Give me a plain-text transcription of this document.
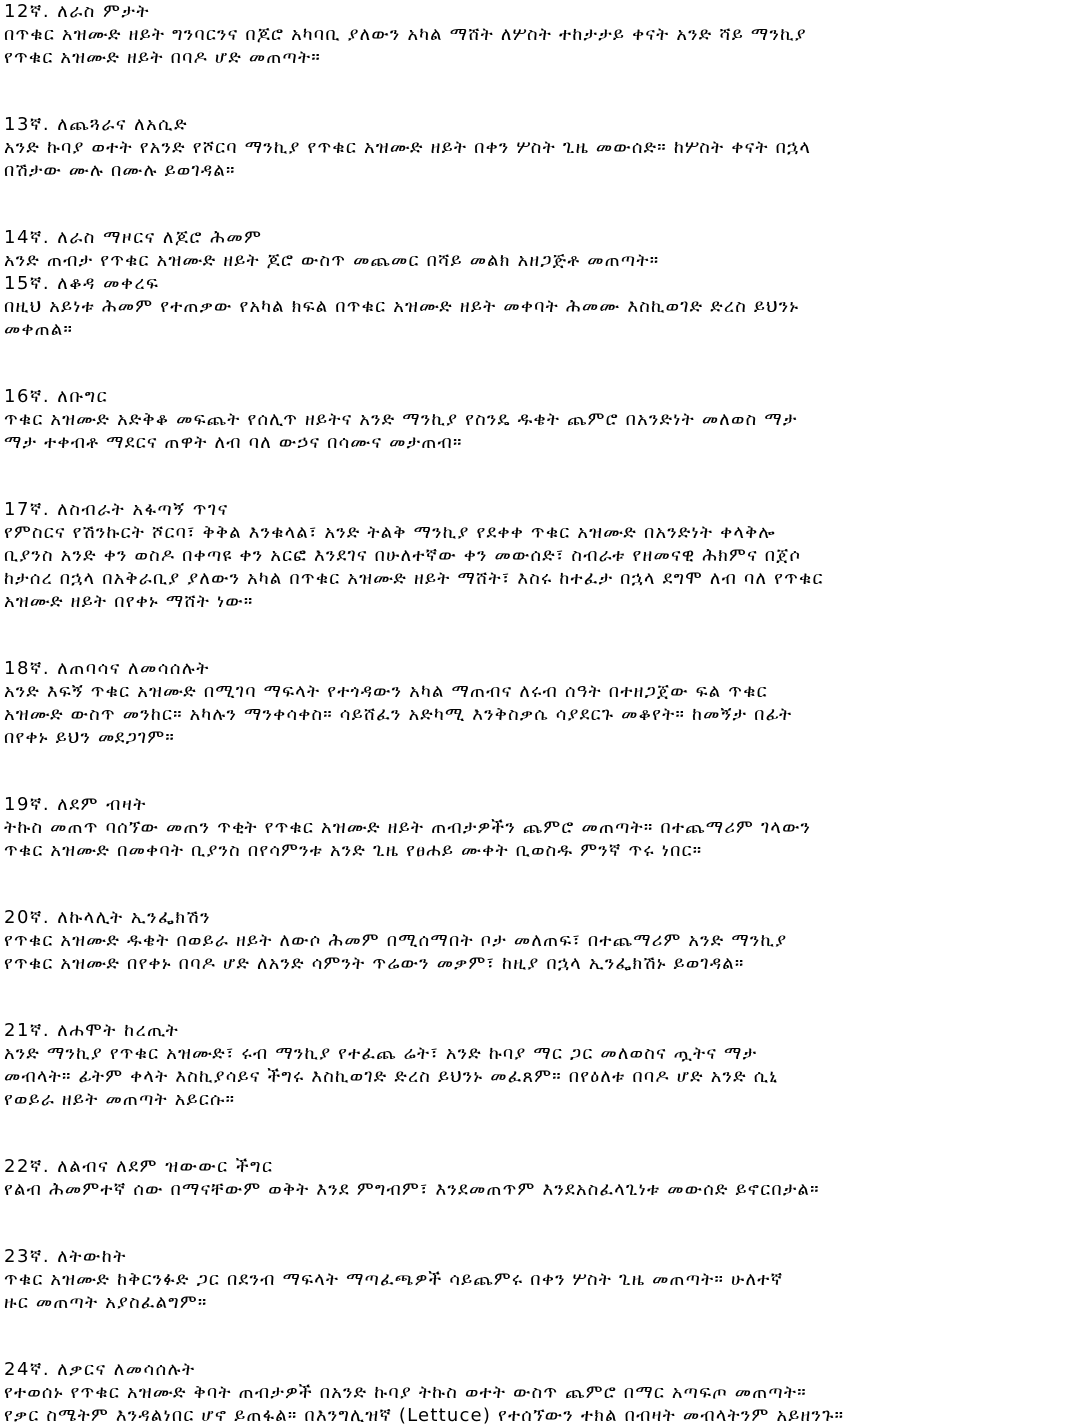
12ኛ. ለራስ ምታት
በጥቁር አዝሙድ ዘይት ግንባርንና በጆሮ አካባቢ ያለውን አካል ማሸት ለሦስት ተከታታይ ቀናት አንድ ሻይ ማንኪያ
የጥቁር አዝሙድ ዘይት በባዶ ሆድ መጠጣት።
13ኛ. ለጨጓራና ለአሲድ
አንድ ኩባያ ወተት የአንድ የሾርባ ማንኪያ የጥቁር አዝሙድ ዘይት በቀን ሦስት ጊዜ መውሰድ። ከሦስት ቀናት በኋላ
በሽታው ሙሉ በሙሉ ይወገዳል።
14ኛ. ለራስ ማዞርና ለጆሮ ሕመም
አንድ ጠብታ የጥቁር አዝሙድ ዘይት ጆሮ ውስጥ መጨመር በሻይ መልክ አዘጋጅቶ መጠጣት።
15ኛ. ለቆዳ መቀረፍ
በዚህ አይነቱ ሕመም የተጠቃው የአካል ክፍል በጥቁር አዝሙድ ዘይት መቀባት ሕመሙ እስኪወገድ ድረስ ይህንኑ
መቀጠል።
16ኛ. ለቡግር
ጥቁር አዝሙድ አድቅቆ መፍጨት የሰሊጥ ዘይትና አንድ ማንኪያ የስንዴ ዱቄት ጨምሮ በአንድነት መለወስ ማታ
ማታ ተቀብቶ ማደርና ጠዋት ለብ ባለ ውኃና በሳሙና መታጠብ።
17ኛ. ለስብራት አፋጣኝ ጥገና
የምስርና የሽንኩርት ሾርባ፣ ቅቅል እንቁላል፣ አንድ ትልቅ ማንኪያ የደቀቀ ጥቁር አዝሙድ በአንድነት ቀላቅሎ
ቢያንስ አንድ ቀን ወስዶ በቀጣዩ ቀን አርፎ እንደገና በሁለተኛው ቀን መውሰድ፣ ስብራቱ የዘመናዊ ሕክምና በጀሶ
ከታሰረ በኋላ በአቅራቢያ ያለውን አካል በጥቁር አዝሙድ ዘይት ማሸት፣ እስሩ ከተፈታ በኋላ ደግሞ ለብ ባለ የጥቁር
አዝሙድ ዘይት በየቀኑ ማሸት ነው።
18ኛ. ለጠባሳና ለመሳሰሉት
አንድ እፍኝ ጥቁር አዝሙድ በሚገባ ማፍላት የተጎዳውን አካል ማጠብና ለሩብ ሰዓት በተዘጋጀው ፍል ጥቁር
አዝሙድ ውስጥ መንከር። አካሉን ማንቀሳቀስ። ሳይሸፈን አድካሚ እንቅስቃሴ ሳያደርጉ መቆየት። ከመኝታ በፊት
በየቀኑ ይህን መደጋገም።
19ኛ. ለደም ብዛት
ትኩስ መጠጥ ባሰኘው መጠን ጥቂት የጥቁር አዝሙድ ዘይት ጠብታዎችን ጨምሮ መጠጣት። በተጨማሪም ገላውን
ጥቁር አዝሙድ በመቀባት ቢያንስ በየሳምንቱ አንድ ጊዜ የፀሐይ ሙቀት ቢወስዱ ምንኛ ጥሩ ነበር።
20ኛ. ለኩላሊት ኢንፌክሽን
የጥቁር አዝሙድ ዱቄት በወይራ ዘይት ለውሶ ሕመም በሚሰማበት ቦታ መለጠፍ፣ በተጨማሪም አንድ ማንኪያ
የጥቁር አዝሙድ በየቀኑ በባዶ ሆድ ለአንድ ሳምንት ጥሬውን መቃም፣ ከዚያ በኋላ ኢንፌክሽኑ ይወገዳል።
21ኛ. ለሐሞት ከረጢት
አንድ ማንኪያ የጥቁር አዝሙድ፣ ሩብ ማንኪያ የተፈጨ ሬት፣ አንድ ኩባያ ማር ጋር መለወስና ጧትና ማታ
መብላት። ፊትም ቀላት እስኪያሳይና ችግሩ እስኪወገድ ድረስ ይህንኑ መፈጸም። በየዕለቱ በባዶ ሆድ አንድ ሲኒ
የወይራ ዘይት መጠጣት አይርሱ።
22ኛ. ለልብና ለደም ዝውውር ችግር
የልብ ሕመምተኛ ሰው በማናቸውም ወቅት እንደ ምግብም፣ እንደመጠጥም እንደአስፈላጊነቱ መውሰድ ይኖርበታል።
23ኛ. ለትውከት
ጥቁር አዝሙድ ከቅርንፉድ ጋር በደንብ ማፍላት ማጣፈጫዎች ሳይጨምሩ በቀን ሦስት ጊዜ መጠጣት። ሁለተኛ
ዙር መጠጣት አያስፈልግም።
24ኛ. ለቃርና ለመሳሰሉት
የተወሰኑ የጥቁር አዝሙድ ቅባት ጠብታዎች በአንድ ኩባያ ትኩስ ወተት ውስጥ ጨምሮ በማር አጣፍጦ መጠጣት።
የቃር ስሜትም እንዳልነበር ሆኖ ይጠፋል። በእንግሊዝኛ (Lettuce) የተሰኘውን ተክል በብዛት መብላትንም አይዘንጉ።
